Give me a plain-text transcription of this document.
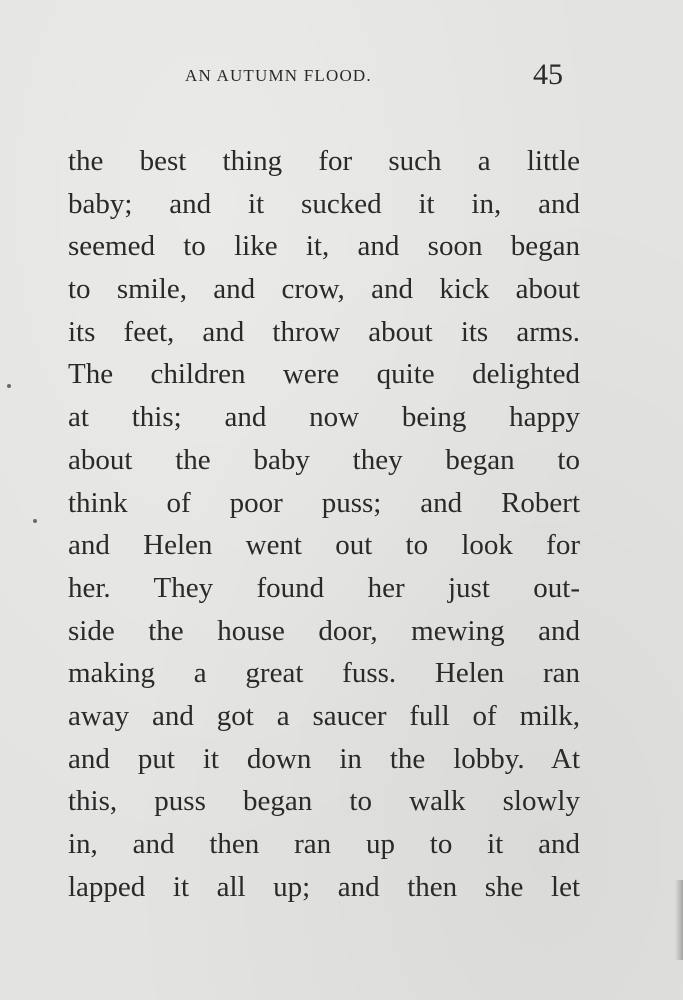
AN AUTUMN FLOOD.	45
the best thing for such a little
baby; and it sucked it in, and
seemed to like it, and soon began
to smile, and crow, and kick about
its feet, and throw about its arms.
The children were quite delighted
at this; and now being happy
about the baby they began to
think of poor puss; and Robert
and Helen went out to look for
her. They found her just out-
side the house door, mewing and
making a great fuss. Helen ran
away and got a saucer full of milk,
and put it down in the lobby. At
this, puss began to walk slowly
in, and then ran up to it and
lapped it all up; and then she let
